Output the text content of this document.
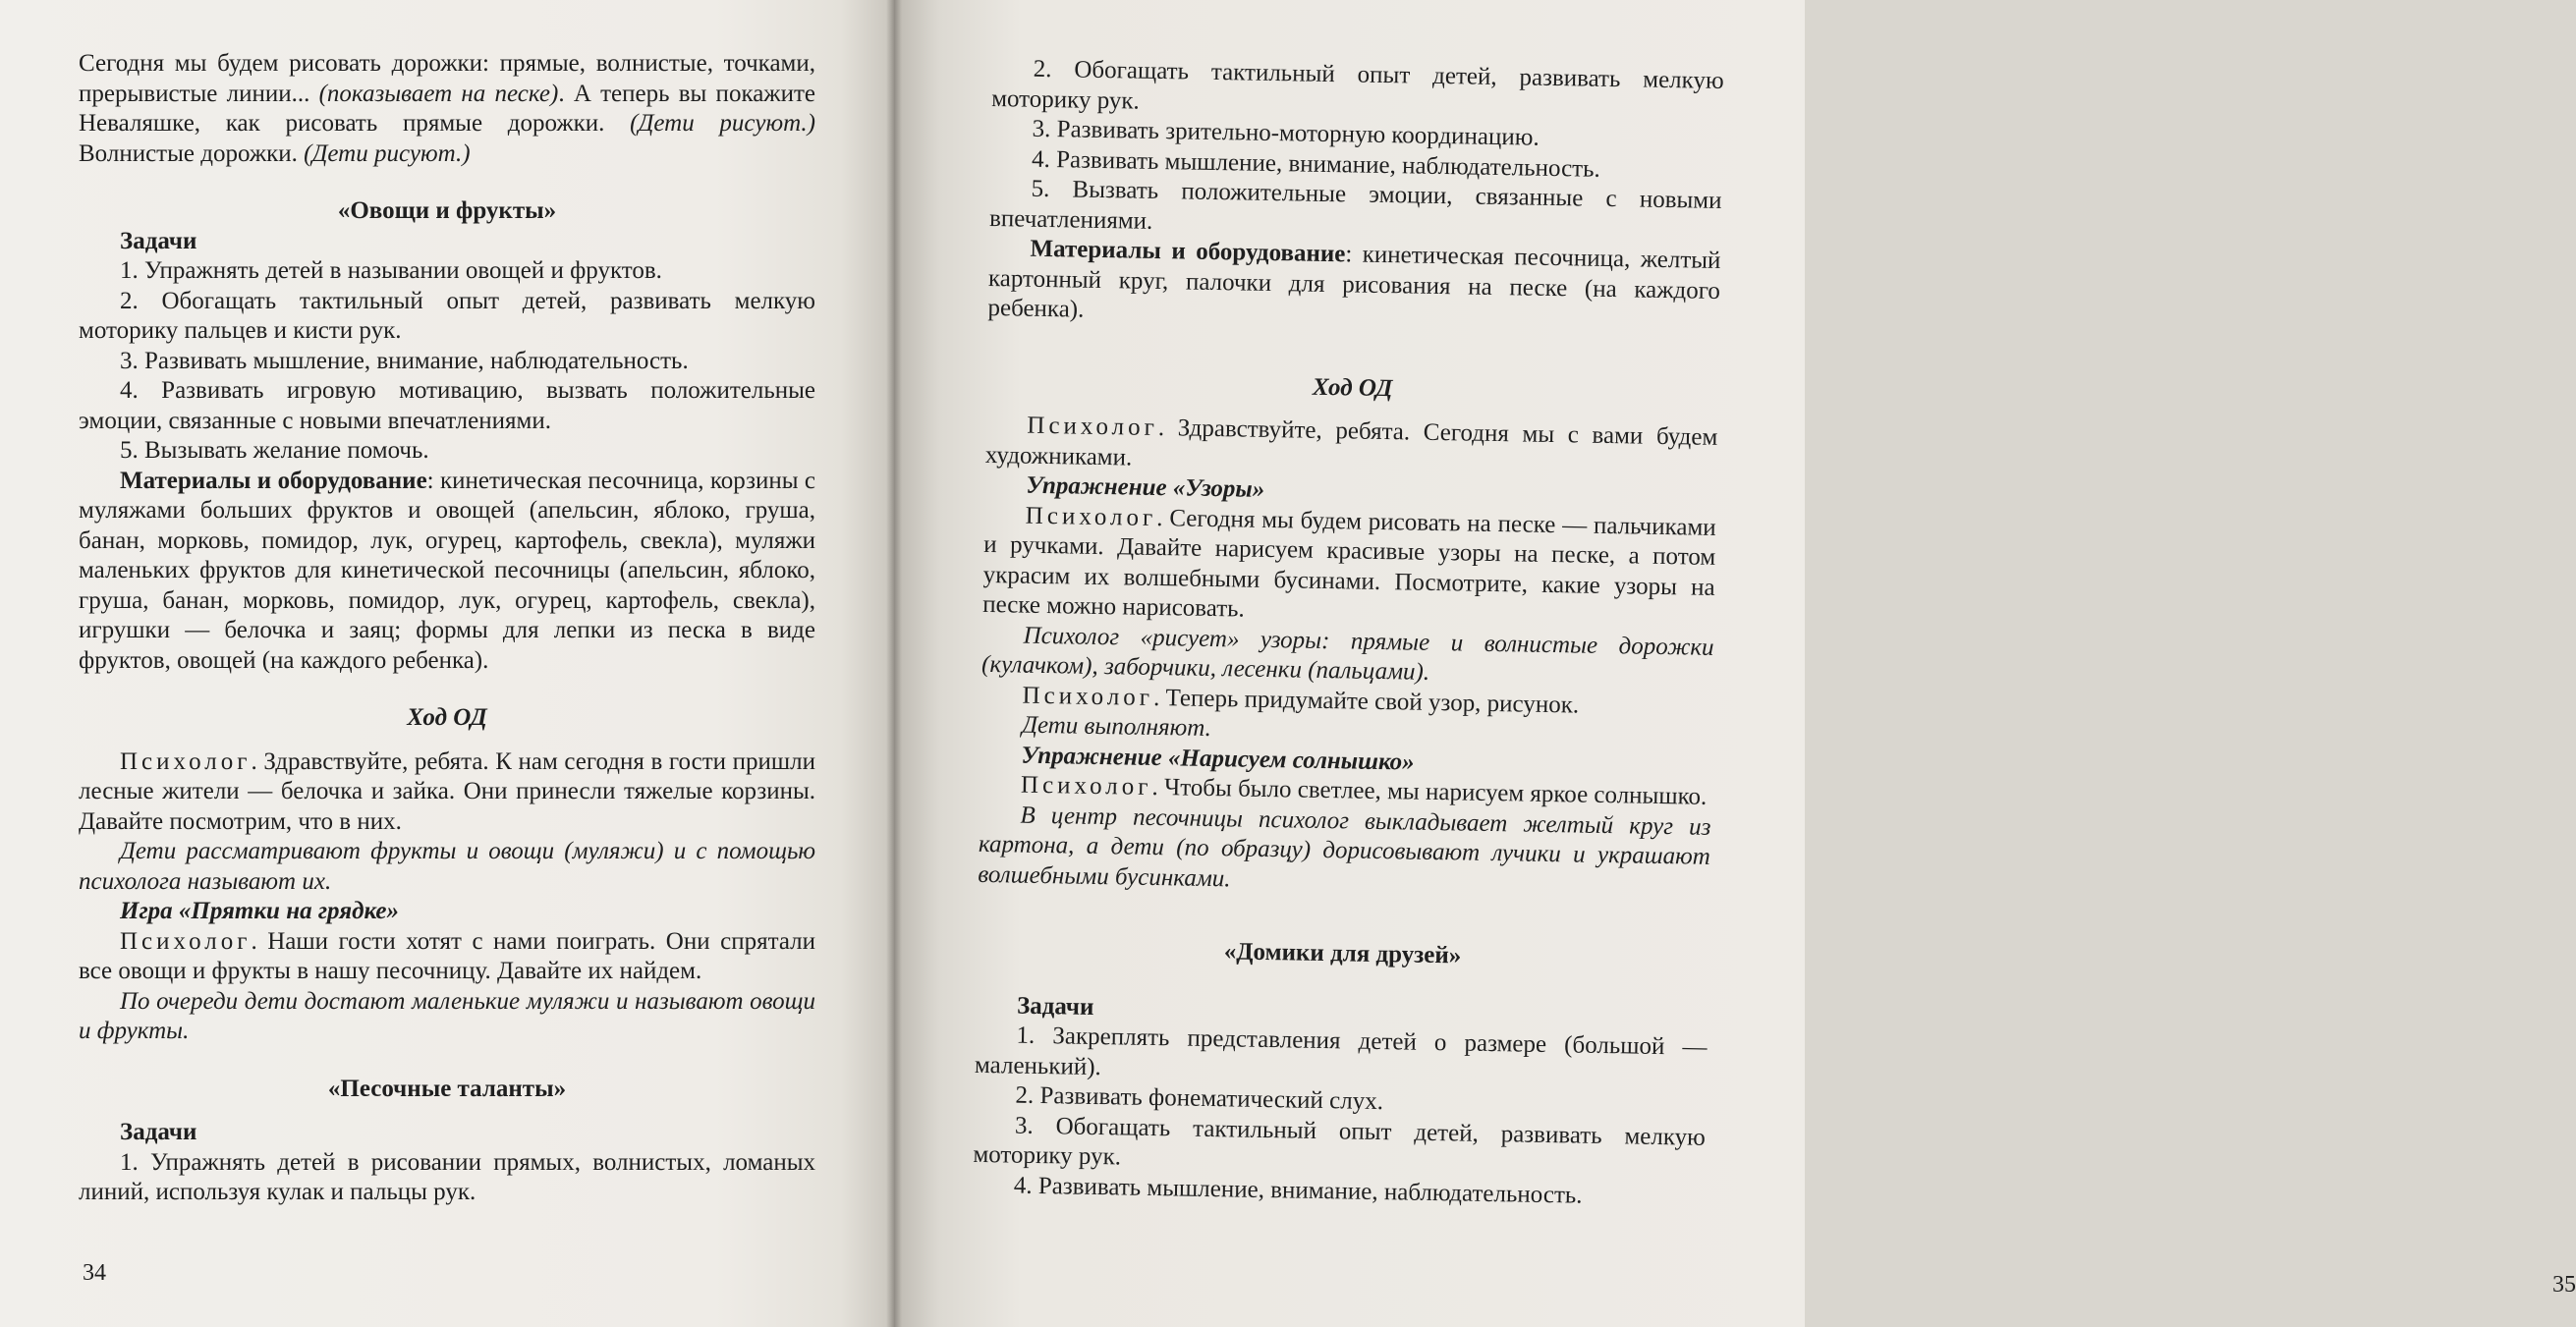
Сегодня мы будем рисовать дорожки: прямые, волнистые, точками, прерывистые линии... (показывает на песке). А теперь вы покажите Неваляшке, как рисовать прямые дорожки. (Дети рисуют.) Волнистые дорожки. (Дети рисуют.)

«Овощи и фрукты»

Задачи

1. Упражнять детей в назывании овощей и фруктов.

2. Обогащать тактильный опыт детей, развивать мелкую моторику пальцев и кисти рук.

3. Развивать мышление, внимание, наблюдательность.

4. Развивать игровую мотивацию, вызвать положительные эмоции, связанные с новыми впечатлениями.

5. Вызывать желание помочь.

Материалы и оборудование: кинетическая песочница, корзины с муляжами больших фруктов и овощей (апельсин, яблоко, груша, банан, морковь, помидор, лук, огурец, картофель, свекла), муляжи маленьких фруктов для кинетической песочницы (апельсин, яблоко, груша, банан, морковь, помидор, лук, огурец, картофель, свекла), игрушки — белочка и заяц; формы для лепки из песка в виде фруктов, овощей (на каждого ребенка).

Ход ОД

Психолог. Здравствуйте, ребята. К нам сегодня в гости пришли лесные жители — белочка и зайка. Они принесли тяжелые корзины. Давайте посмотрим, что в них.

Дети рассматривают фрукты и овощи (муляжи) и с помощью психолога называют их.

Игра «Прятки на грядке»

Психолог. Наши гости хотят с нами поиграть. Они спрятали все овощи и фрукты в нашу песочницу. Давайте их найдем.

По очереди дети достают маленькие муляжи и называют овощи и фрукты.

«Песочные таланты»

Задачи

1. Упражнять детей в рисовании прямых, волнистых, ломаных линий, используя кулак и пальцы рук.

34

2. Обогащать тактильный опыт детей, развивать мелкую моторику рук.

3. Развивать зрительно-моторную координацию.

4. Развивать мышление, внимание, наблюдательность.

5. Вызвать положительные эмоции, связанные с новыми впечатлениями.

Материалы и оборудование: кинетическая песочница, желтый картонный круг, палочки для рисования на песке (на каждого ребенка).

Ход ОД

Психолог. Здравствуйте, ребята. Сегодня мы с вами будем художниками.

Упражнение «Узоры»

Психолог. Сегодня мы будем рисовать на песке — пальчиками и ручками. Давайте нарисуем красивые узоры на песке, а потом украсим их волшебными бусинами. Посмотрите, какие узоры на песке можно нарисовать.

Психолог «рисует» узоры: прямые и волнистые дорожки (кулачком), заборчики, лесенки (пальцами).

Психолог. Теперь придумайте свой узор, рисунок.

Дети выполняют.

Упражнение «Нарисуем солнышко»

Психолог. Чтобы было светлее, мы нарисуем яркое солнышко.

В центр песочницы психолог выкладывает желтый круг из картона, а дети (по образцу) дорисовывают лучики и украшают волшебными бусинками.

«Домики для друзей»

Задачи

1. Закреплять представления детей о размере (большой — маленький).

2. Развивать фонематический слух.

3. Обогащать тактильный опыт детей, развивать мелкую моторику рук.

4. Развивать мышление, внимание, наблюдательность.

35
